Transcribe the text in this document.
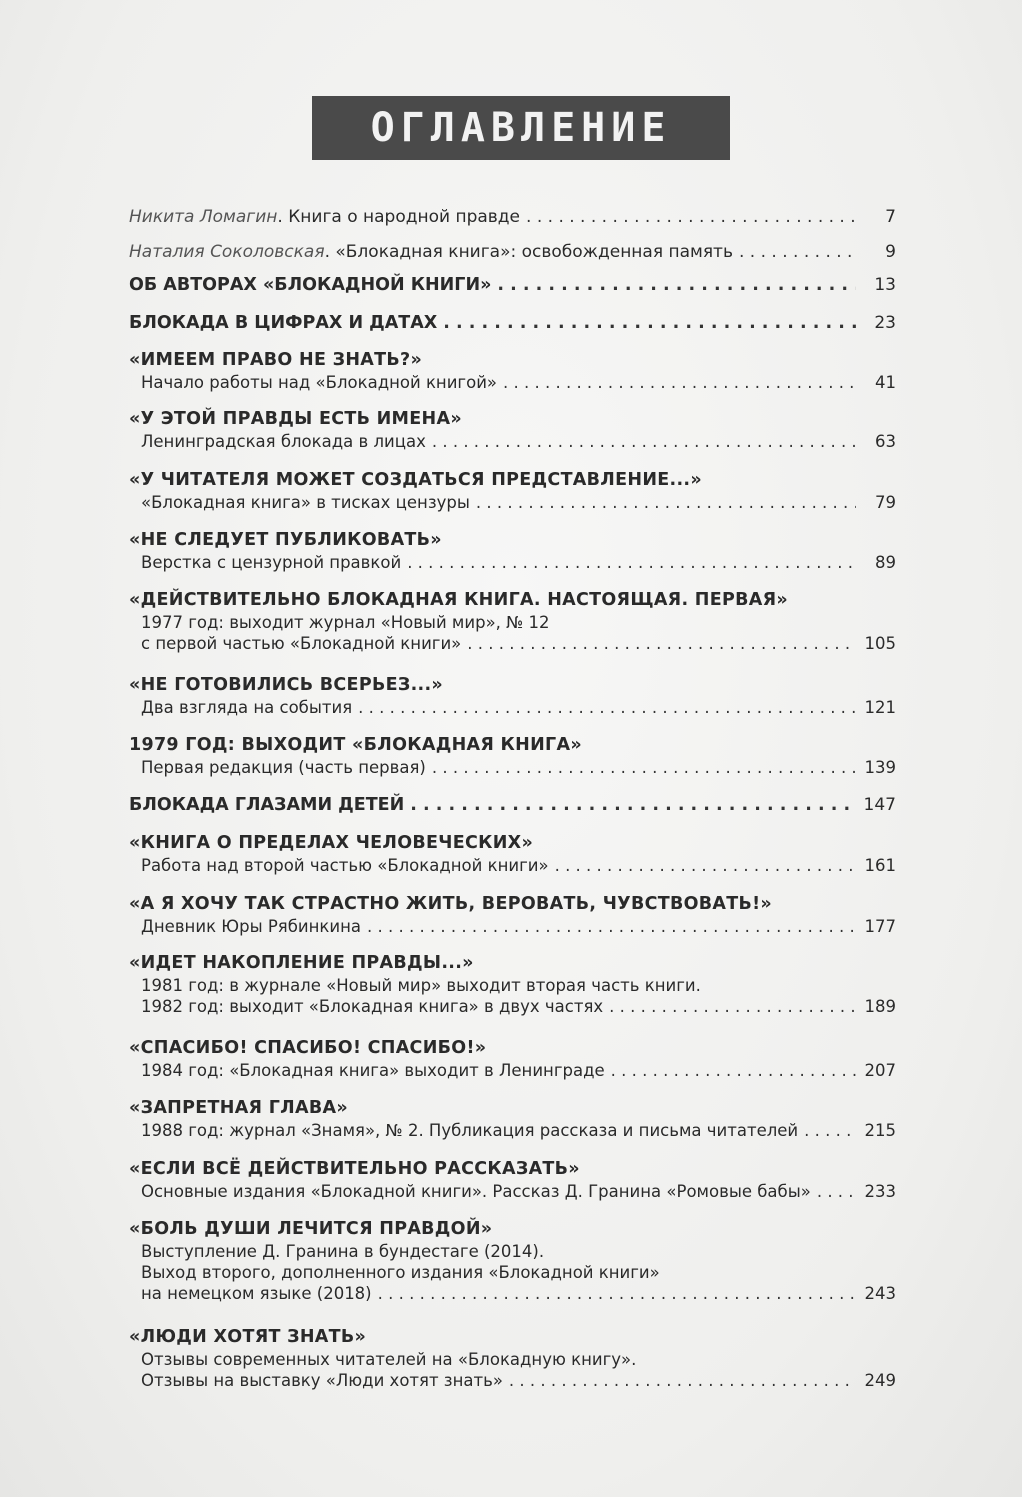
ОГЛАВЛЕНИЕ
Никита Ломагин. Книга о народной правде . . .	7
Наталия Соколовская. «Блокадная книга»: освобожденная память . . .	9
ОБ АВТОРАХ «БЛОКАДНОЙ КНИГИ» . . .	13
БЛОКАДА В ЦИФРАХ И ДАТАХ . . .	23
«ИМЕЕМ ПРАВО НЕ ЗНАТЬ?»
Начало работы над «Блокадной книгой» . . .	41
«У ЭТОЙ ПРАВДЫ ЕСТЬ ИМЕНА»
Ленинградская блокада в лицах . . .	63
«У ЧИТАТЕЛЯ МОЖЕТ СОЗДАТЬСЯ ПРЕДСТАВЛЕНИЕ...»
«Блокадная книга» в тисках цензуры . . .	79
«НЕ СЛЕДУЕТ ПУБЛИКОВАТЬ»
Верстка с цензурной правкой . . .	89
«ДЕЙСТВИТЕЛЬНО БЛОКАДНАЯ КНИГА. НАСТОЯЩАЯ. ПЕРВАЯ»
1977 год: выходит журнал «Новый мир», № 12
с первой частью «Блокадной книги» . . .	105
«НЕ ГОТОВИЛИСЬ ВСЕРЬЕЗ...»
Два взгляда на события . . .	121
1979 ГОД: ВЫХОДИТ «БЛОКАДНАЯ КНИГА»
Первая редакция (часть первая) . . .	139
БЛОКАДА ГЛАЗАМИ ДЕТЕЙ . . .	147
«КНИГА О ПРЕДЕЛАХ ЧЕЛОВЕЧЕСКИХ»
Работа над второй частью «Блокадной книги» . . .	161
«А Я ХОЧУ ТАК СТРАСТНО ЖИТЬ, ВЕРОВАТЬ, ЧУВСТВОВАТЬ!»
Дневник Юры Рябинкина . . .	177
«ИДЕТ НАКОПЛЕНИЕ ПРАВДЫ...»
1981 год: в журнале «Новый мир» выходит вторая часть книги.
1982 год: выходит «Блокадная книга» в двух частях . . .	189
«СПАСИБО! СПАСИБО! СПАСИБО!»
1984 год: «Блокадная книга» выходит в Ленинграде . . .	207
«ЗАПРЕТНАЯ ГЛАВА»
1988 год: журнал «Знамя», № 2. Публикация рассказа и письма читателей . . .	215
«ЕСЛИ ВСЁ ДЕЙСТВИТЕЛЬНО РАССКАЗАТЬ»
Основные издания «Блокадной книги». Рассказ Д. Гранина «Ромовые бабы» . . .	233
«БОЛЬ ДУШИ ЛЕЧИТСЯ ПРАВДОЙ»
Выступление Д. Гранина в бундестаге (2014).
Выход второго, дополненного издания «Блокадной книги»
на немецком языке (2018) . . .	243
«ЛЮДИ ХОТЯТ ЗНАТЬ»
Отзывы современных читателей на «Блокадную книгу».
Отзывы на выставку «Люди хотят знать» . . .	249
